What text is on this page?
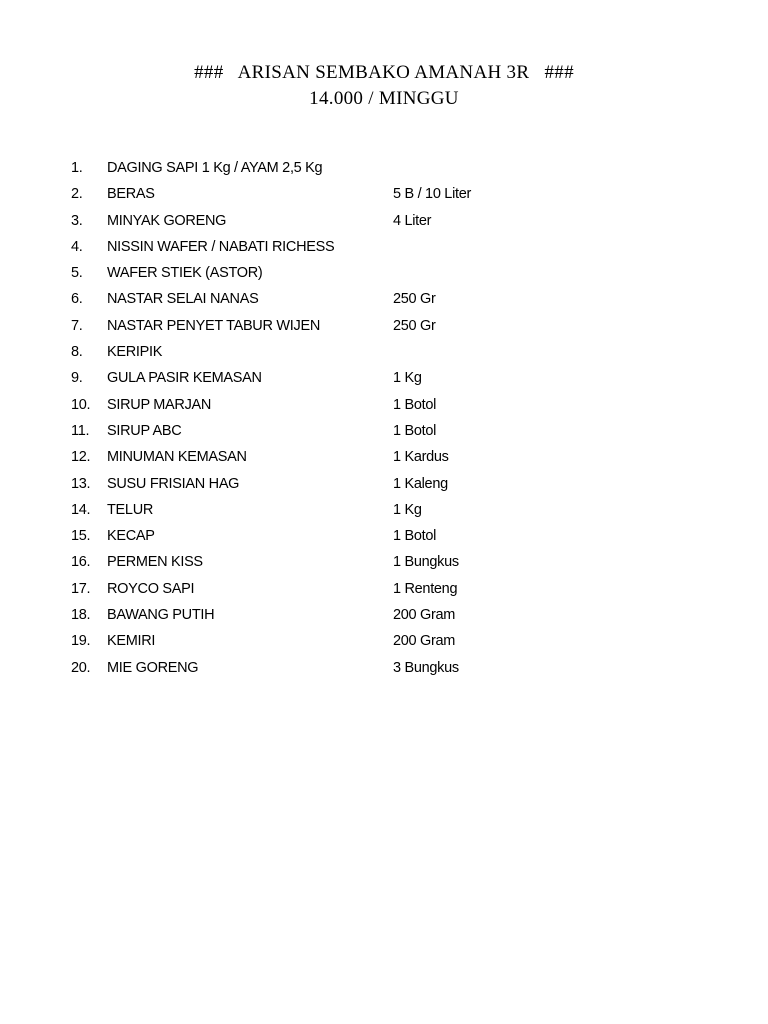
###   ARISAN SEMBAKO AMANAH 3R   ###
14.000 / MINGGU
1. DAGING SAPI 1 Kg / AYAM 2,5 Kg
2. BERAS	5 B / 10 Liter
3. MINYAK GORENG	4 Liter
4. NISSIN WAFER / NABATI RICHESS
5. WAFER STIEK (ASTOR)
6. NASTAR SELAI NANAS	250 Gr
7. NASTAR PENYET TABUR WIJEN	250 Gr
8. KERIPIK
9. GULA PASIR KEMASAN	1 Kg
10. SIRUP MARJAN	1 Botol
11. SIRUP ABC	1 Botol
12. MINUMAN KEMASAN	1 Kardus
13. SUSU FRISIAN HAG	1 Kaleng
14. TELUR	1 Kg
15. KECAP	1 Botol
16. PERMEN KISS	1 Bungkus
17. ROYCO SAPI	1 Renteng
18. BAWANG PUTIH	200 Gram
19. KEMIRI	200 Gram
20. MIE GORENG	3 Bungkus
